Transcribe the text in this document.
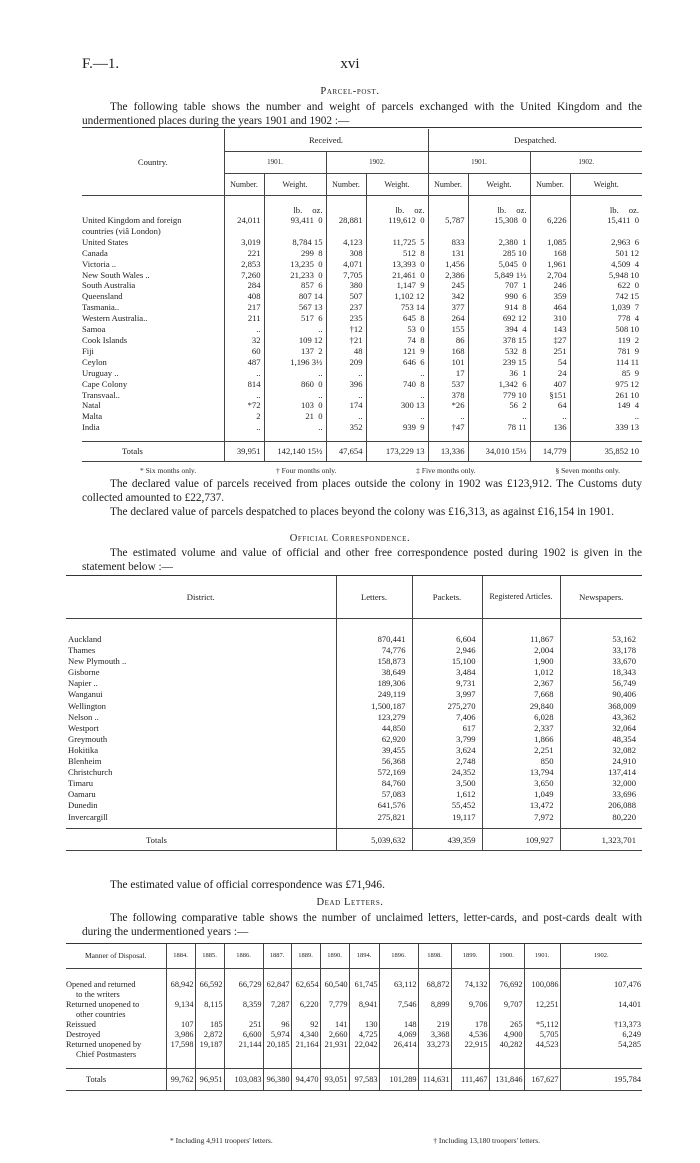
F.—1.	xvi
Parcel-post.
The following table shows the number and weight of parcels exchanged with the United Kingdom and the undermentioned places during the years 1901 and 1902 :—
Country.	Received.				Despatched.			
	1901.		1902.		1901.		1902.	
	Number.	Weight.	Number.	Weight.	Number.	Weight.	Number.	Weight.
		lb. oz.		lb. oz.		lb. oz.		lb. oz.
United Kingdom and foreign	24,011	93,411  0	28,881	119,612  0	5,787	15,308  0	6,226	15,411  0
countries (viâ London)								
United States	3,019	8,784 15	4,123	11,725  5	833	2,380  1	1,085	2,963  6
Canada	221	299  8	308	512  8	131	285 10	168	501 12
Victoria ..	2,853	13,235  0	4,071	13,393  0	1,456	5,045  0	1,961	4,509  4
New South Wales ..	7,260	21,233  0	7,705	21,461  0	2,386	5,849 1½	2,704	5,948 10
South Australia	284	857  6	380	1,147  9	245	707  1	246	622  0
Queensland	408	807 14	507	1,102 12	342	990  6	359	742 15
Tasmania..	217	567 13	237	753 14	377	914  8	464	1,039  7
Western Australia..	211	517  6	235	645  8	264	692 12	310	778  4
Samoa	..	..	†12	53  0	155	394  4	143	508 10
Cook Islands	32	109 12	†21	74  8	86	378 15	‡27	119  2
Fiji	60	137  2	48	121  9	168	532  8	251	781  9
Ceylon	487	1,196 3½	209	646  6	101	239 15	54	114 11
Uruguay ..	..	..	..	..	17	36  1	24	85  9
Cape Colony	814	860  0	396	740  8	537	1,342  6	407	975 12
Transvaal..	..	..	..	..	378	779 10	§151	261 10
Natal	*72	103  0	174	300 13	*26	56  2	64	149  4
Malta	2	21  0	..	..	..	..	..	..
India	..	..	352	939  9	†47	78 11	136	339 13

Totals	39,951	142,140 15½	47,654	173,229 13	13,336	34,010 15½	14,779	35,852 10
* Six months only.	† Four months only.	‡ Five months only.	§ Seven months only.
The declared value of parcels received from places outside the colony in 1902 was £123,912. The Customs duty collected amounted to £22,737.
The declared value of parcels despatched to places beyond the colony was £16,313, as against £16,154 in 1901.
Official Correspondence.
The estimated volume and value of official and other free correspondence posted during 1902 is given in the statement below :—
District.	Letters.	Packets.	Registered Articles.	Newspapers.

Auckland	870,441	6,604	11,867	53,162
Thames	74,776	2,946	2,004	33,178
New Plymouth ..	158,873	15,100	1,900	33,670
Gisborne	38,649	3,484	1,012	18,343
Napier ..	189,306	9,731	2,367	56,749
Wanganui	249,119	3,997	7,668	90,406
Wellington	1,500,187	275,270	29,840	368,009
Nelson ..	123,279	7,406	6,028	43,362
Westport	44,850	617	2,337	32,064
Greymouth	62,920	3,799	1,866	48,354
Hokitika	39,455	3,624	2,251	32,082
Blenheim	56,368	2,748	850	24,910
Christchurch	572,169	24,352	13,794	137,414
Timaru	84,760	3,500	3,650	32,000
Oamaru	57,083	1,612	1,049	33,696
Dunedin	641,576	55,452	13,472	206,088
Invercargill	275,821	19,117	7,972	80,220

Totals	5,039,632	439,359	109,927	1,323,701
The estimated value of official correspondence was £71,946.
Dead Letters.
The following comparative table shows the number of unclaimed letters, letter-cards, and post-cards dealt with during the undermentioned years :—
Manner of Disposal.	1884.	1885.	1886.	1887.	1889.	1890.	1894.	1896.	1898.	1899.	1900.	1901.	1902.

Opened and returned
to the writers	68,942	66,592	66,729	62,847	62,654	60,540	61,745	63,112	68,872	74,132	76,692	100,086	107,476

Returned unopened to
other countries	9,134	8,115	8,359	7,287	6,220	7,779	8,941	7,546	8,899	9,706	9,707	12,251	14,401

Reissued	107	185	251	96	92	141	130	148	219	178	265	*5,112	†13,373

Destroyed	3,986	2,872	6,600	5,974	4,340	2,660	4,725	4,069	3,368	4,536	4,900	5,705	6,249

Returned unopened by
Chief Postmasters	17,598	19,187	21,144	20,185	21,164	21,931	22,042	26,414	33,273	22,915	40,282	44,523	54,285

Totals	99,762	96,951	103,083	96,380	94,470	93,051	97,583	101,289	114,631	111,467	131,846	167,627	195,784
* Including 4,911 troopers' letters.	† Including 13,180 troopers' letters.
